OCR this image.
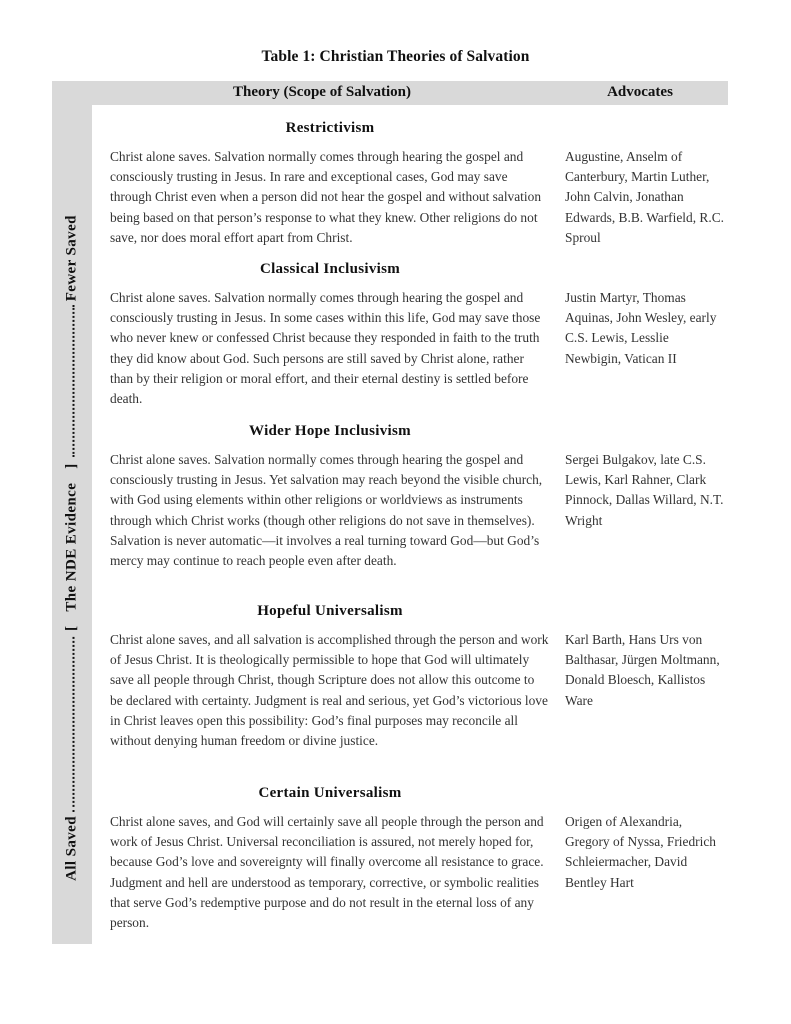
Table 1: Christian Theories of Salvation
Theory (Scope of Salvation)	Advocates
All Saved
[
The NDE Evidence
]
Fewer Saved
Restrictivism
Christ alone saves. Salvation normally comes through hearing the gospel and consciously trusting in Jesus. In rare and exceptional cases, God may save through Christ even when a person did not hear the gospel and without salvation being based on that person’s response to what they knew. Other religions do not save, nor does moral effort apart from Christ.
Augustine, Anselm of Canterbury, Martin Luther, John Calvin, Jonathan Edwards, B.B. Warfield, R.C. Sproul
Classical Inclusivism
Christ alone saves. Salvation normally comes through hearing the gospel and consciously trusting in Jesus. In some cases within this life, God may save those who never knew or confessed Christ because they responded in faith to the truth they did know about God. Such persons are still saved by Christ alone, rather than by their religion or moral effort, and their eternal destiny is settled before death.
Justin Martyr, Thomas Aquinas, John Wesley, early C.S. Lewis, Lesslie Newbigin, Vatican II
Wider Hope Inclusivism
Christ alone saves. Salvation normally comes through hearing the gospel and consciously trusting in Jesus. Yet salvation may reach beyond the visible church, with God using elements within other religions or worldviews as instruments through which Christ works (though other religions do not save in themselves). Salvation is never automatic—it involves a real turning toward God—but God’s mercy may continue to reach people even after death.
Sergei Bulgakov, late C.S. Lewis, Karl Rahner, Clark Pinnock, Dallas Willard, N.T. Wright
Hopeful Universalism
Christ alone saves, and all salvation is accomplished through the person and work of Jesus Christ. It is theologically permissible to hope that God will ultimately save all people through Christ, though Scripture does not allow this outcome to be declared with certainty. Judgment is real and serious, yet God’s victorious love in Christ leaves open this possibility: God’s final purposes may reconcile all without denying human freedom or divine justice.
Karl Barth, Hans Urs von Balthasar, Jürgen Moltmann, Donald Bloesch, Kallistos Ware
Certain Universalism
Christ alone saves, and God will certainly save all people through the person and work of Jesus Christ. Universal reconciliation is assured, not merely hoped for, because God’s love and sovereignty will finally overcome all resistance to grace. Judgment and hell are understood as temporary, corrective, or symbolic realities that serve God’s redemptive purpose and do not result in the eternal loss of any person.
Origen of Alexandria, Gregory of Nyssa, Friedrich Schleiermacher, David Bentley Hart
